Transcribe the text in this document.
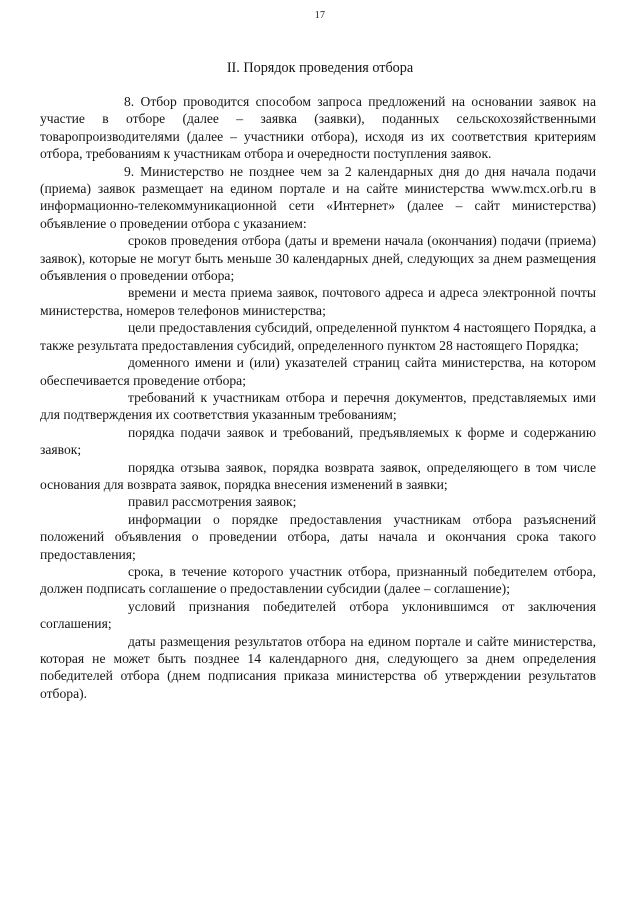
17
II. Порядок проведения отбора

8. Отбор проводится способом запроса предложений на основании заявок на участие в отборе (далее – заявка (заявки), поданных сельскохозяйственными товаропроизводителями (далее – участники отбора), исходя из их соответствия критериям отбора, требованиям к участникам отбора и очередности поступления заявок.

9. Министерство не позднее чем за 2 календарных дня до дня начала подачи (приема) заявок размещает на едином портале и на сайте министерства www.mcx.orb.ru в информационно-телекоммуникационной сети «Интернет» (далее – сайт министерства) объявление о проведении отбора с указанием:

сроков проведения отбора (даты и времени начала (окончания) подачи (приема) заявок), которые не могут быть меньше 30 календарных дней, следующих за днем размещения объявления о проведении отбора;

времени и места приема заявок, почтового адреса и адреса электронной почты министерства, номеров телефонов министерства;

цели предоставления субсидий, определенной пунктом 4 настоящего Порядка, а также результата предоставления субсидий, определенного пунктом 28 настоящего Порядка;

доменного имени и (или) указателей страниц сайта министерства, на котором обеспечивается проведение отбора;

требований к участникам отбора и перечня документов, представляемых ими для подтверждения их соответствия указанным требованиям;

порядка подачи заявок и требований, предъявляемых к форме и содержанию заявок;

порядка отзыва заявок, порядка возврата заявок, определяющего в том числе основания для возврата заявок, порядка внесения изменений в заявки;

правил рассмотрения заявок;

информации о порядке предоставления участникам отбора разъяснений положений объявления о проведении отбора, даты начала и окончания срока такого предоставления;

срока, в течение которого участник отбора, признанный победителем отбора, должен подписать соглашение о предоставлении субсидии (далее – соглашение);

условий признания победителей отбора уклонившимся от заключения соглашения;

даты размещения результатов отбора на едином портале и сайте министерства, которая не может быть позднее 14 календарного дня, следующего за днем определения победителей отбора (днем подписания приказа министерства об утверждении результатов отбора).
